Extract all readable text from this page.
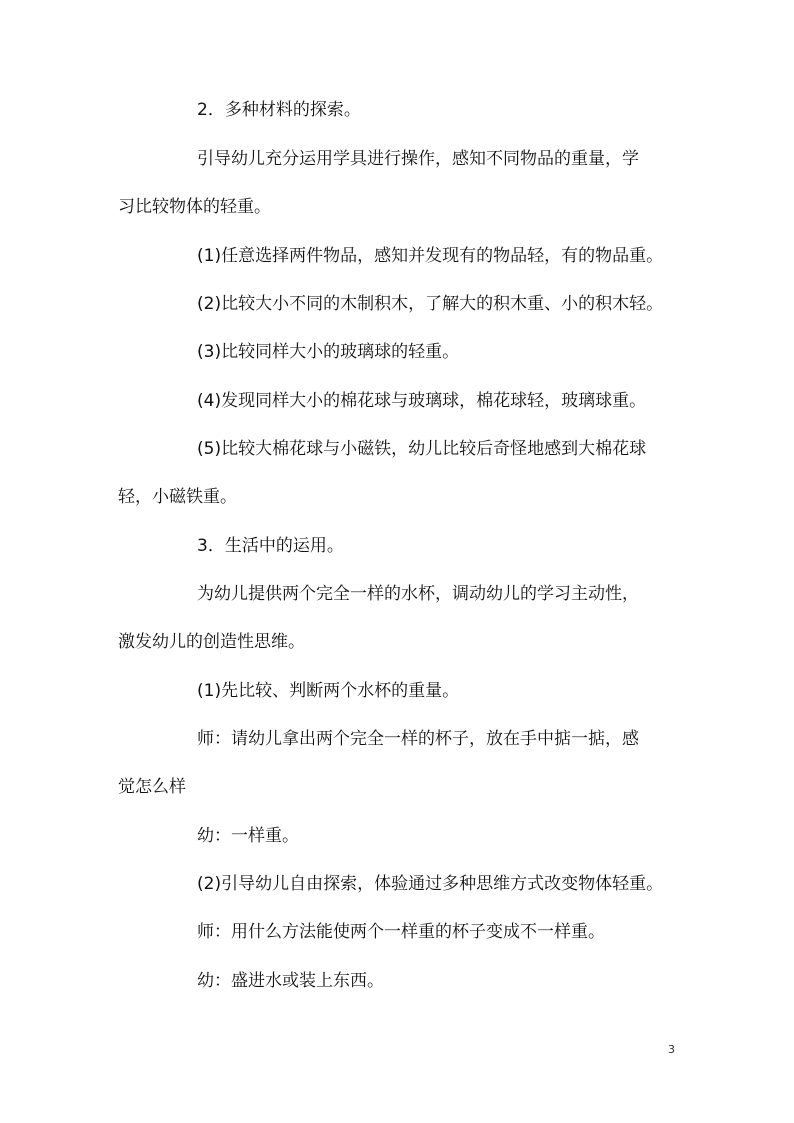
2．多种材料的探索。

引导幼儿充分运用学具进行操作，感知不同物品的重量，学

习比较物体的轻重。

(1)任意选择两件物品，感知并发现有的物品轻，有的物品重。

(2)比较大小不同的木制积木，了解大的积木重、小的积木轻。

(3)比较同样大小的玻璃球的轻重。

(4)发现同样大小的棉花球与玻璃球，棉花球轻，玻璃球重。

(5)比较大棉花球与小磁铁，幼儿比较后奇怪地感到大棉花球

轻，小磁铁重。

3．生活中的运用。

为幼儿提供两个完全一样的水杯，调动幼儿的学习主动性，

激发幼儿的创造性思维。

(1)先比较、判断两个水杯的重量。

师：请幼儿拿出两个完全一样的杯子，放在手中掂一掂，感

觉怎么样

幼：一样重。

(2)引导幼儿自由探索，体验通过多种思维方式改变物体轻重。

师：用什么方法能使两个一样重的杯子变成不一样重。

幼：盛进水或装上东西。

3
